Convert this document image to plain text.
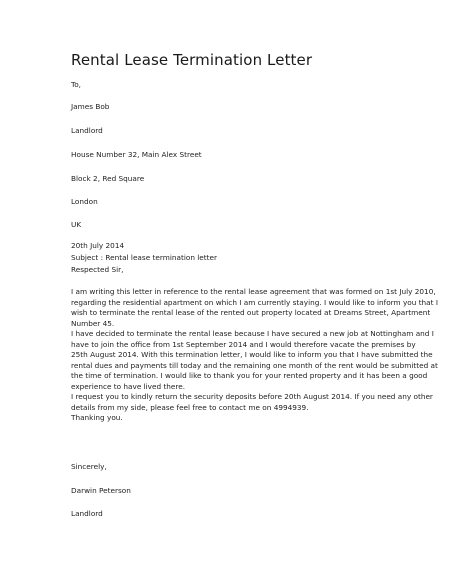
Rental Lease Termination Letter
To,
James Bob
Landlord
House Number 32, Main Alex Street
Block 2, Red Square
London
UK
20th July 2014
Subject : Rental lease termination letter
Respected Sir,
I am writing this letter in reference to the rental lease agreement that was formed on 1st July 2010,
regarding the residential apartment on which I am currently staying. I would like to inform you that I
wish to terminate the rental lease of the rented out property located at Dreams Street, Apartment
Number 45.
I have decided to terminate the rental lease because I have secured a new job at Nottingham and I
have to join the office from 1st September 2014 and I would therefore vacate the premises by
25th August 2014. With this termination letter, I would like to inform you that I have submitted the
rental dues and payments till today and the remaining one month of the rent would be submitted at
the time of termination. I would like to thank you for your rented property and it has been a good
experience to have lived there.
I request you to kindly return the security deposits before 20th August 2014. If you need any other
details from my side, please feel free to contact me on 4994939.
Thanking you.
Sincerely,
Darwin Peterson
Landlord
